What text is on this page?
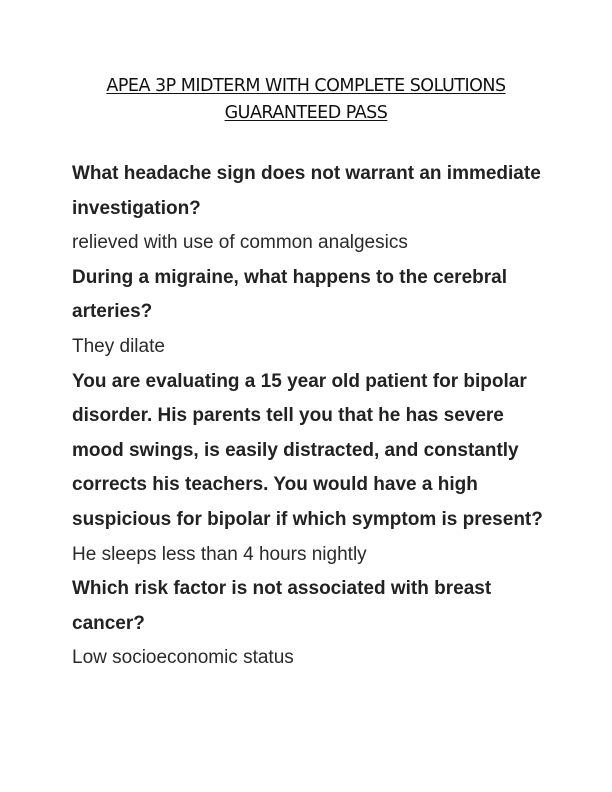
APEA 3P MIDTERM WITH COMPLETE SOLUTIONS
GUARANTEED PASS

What headache sign does not warrant an immediate investigation?

relieved with use of common analgesics

During a migraine, what happens to the cerebral arteries?

They dilate

You are evaluating a 15 year old patient for bipolar disorder. His parents tell you that he has severe mood swings, is easily distracted, and constantly corrects his teachers. You would have a high suspicious for bipolar if which symptom is present?

He sleeps less than 4 hours nightly

Which risk factor is not associated with breast cancer?

Low socioeconomic status
